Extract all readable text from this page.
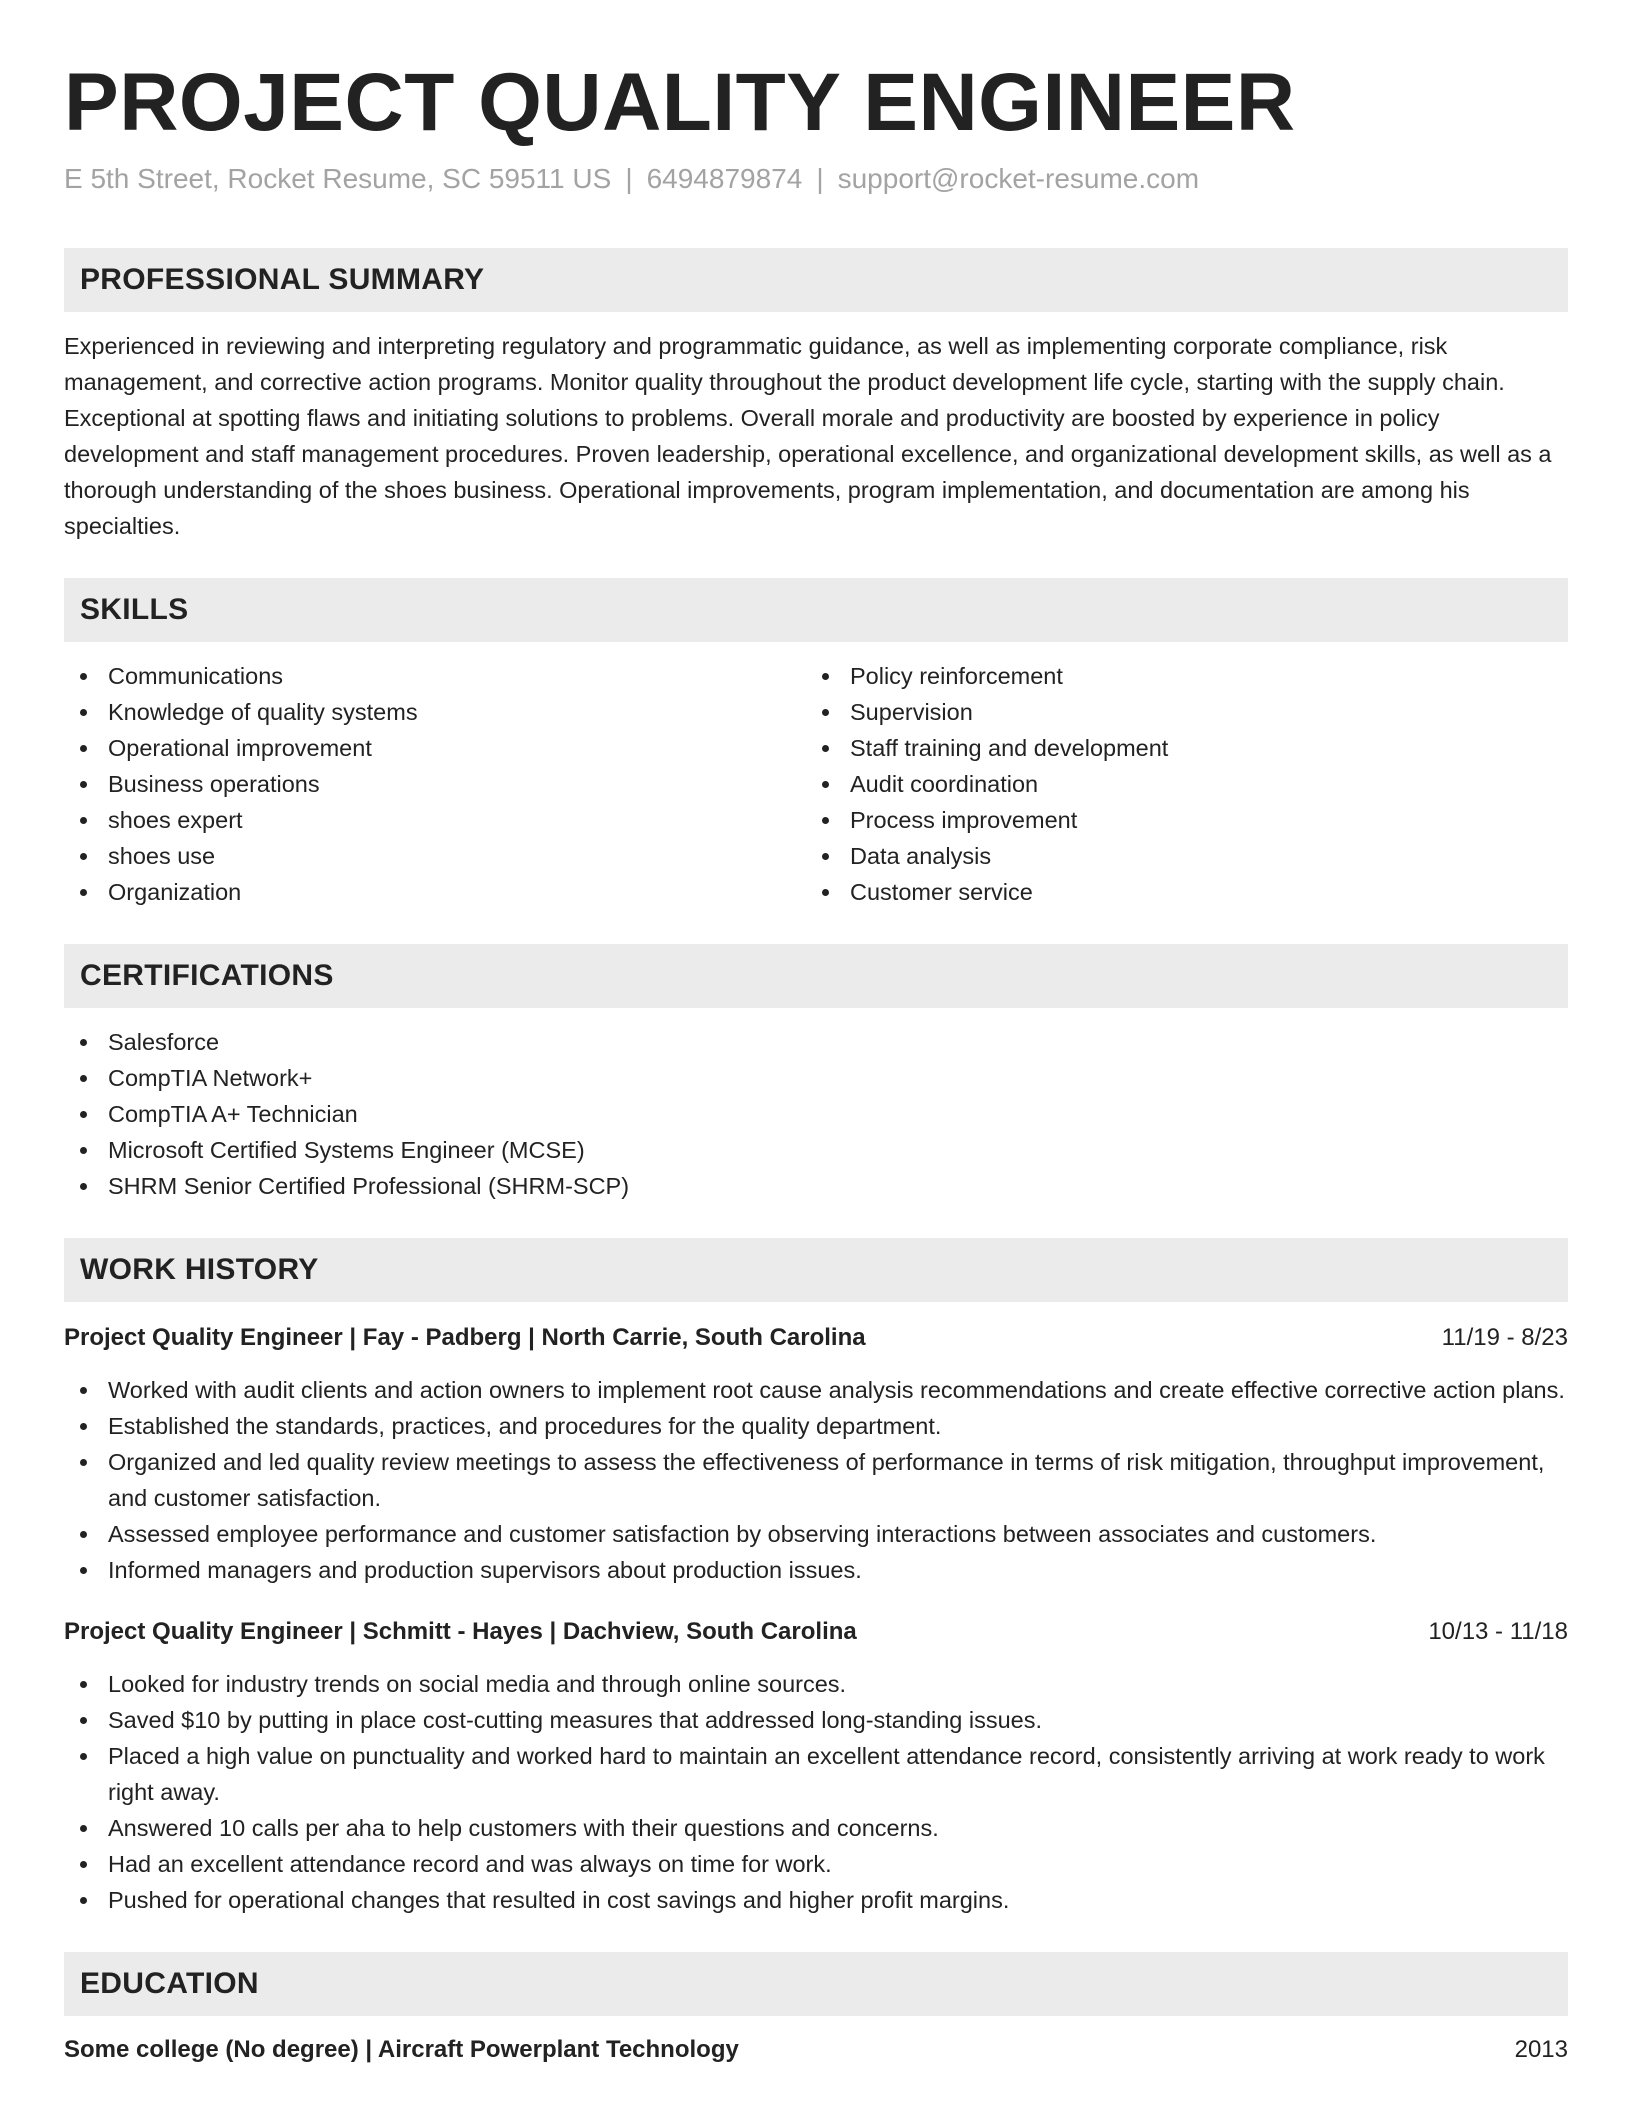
PROJECT QUALITY ENGINEER
E 5th Street, Rocket Resume, SC 59511 US | 6494879874 | support@rocket-resume.com
PROFESSIONAL SUMMARY

Experienced in reviewing and interpreting regulatory and programmatic guidance, as well as implementing corporate compliance, risk management, and corrective action programs. Monitor quality throughout the product development life cycle, starting with the supply chain. Exceptional at spotting flaws and initiating solutions to problems. Overall morale and productivity are boosted by experience in policy development and staff management procedures. Proven leadership, operational excellence, and organizational development skills, as well as a thorough understanding of the shoes business. Operational improvements, program implementation, and documentation are among his specialties.

SKILLS
Communications
Knowledge of quality systems
Operational improvement
Business operations
shoes expert
shoes use
Organization
Policy reinforcement
Supervision
Staff training and development
Audit coordination
Process improvement
Data analysis
Customer service
CERTIFICATIONS
Salesforce
CompTIA Network+
CompTIA A+ Technician
Microsoft Certified Systems Engineer (MCSE)
SHRM Senior Certified Professional (SHRM-SCP)
WORK HISTORY
Project Quality Engineer | Fay - Padberg | North Carrie, South Carolina	11/19 - 8/23
Worked with audit clients and action owners to implement root cause analysis recommendations and create effective corrective action plans.
Established the standards, practices, and procedures for the quality department.
Organized and led quality review meetings to assess the effectiveness of performance in terms of risk mitigation, throughput improvement, and customer satisfaction.
Assessed employee performance and customer satisfaction by observing interactions between associates and customers.
Informed managers and production supervisors about production issues.
Project Quality Engineer | Schmitt - Hayes | Dachview, South Carolina	10/13 - 11/18
Looked for industry trends on social media and through online sources.
Saved $10 by putting in place cost-cutting measures that addressed long-standing issues.
Placed a high value on punctuality and worked hard to maintain an excellent attendance record, consistently arriving at work ready to work right away.
Answered 10 calls per aha to help customers with their questions and concerns.
Had an excellent attendance record and was always on time for work.
Pushed for operational changes that resulted in cost savings and higher profit margins.
EDUCATION
Some college (No degree) | Aircraft Powerplant Technology	2013
